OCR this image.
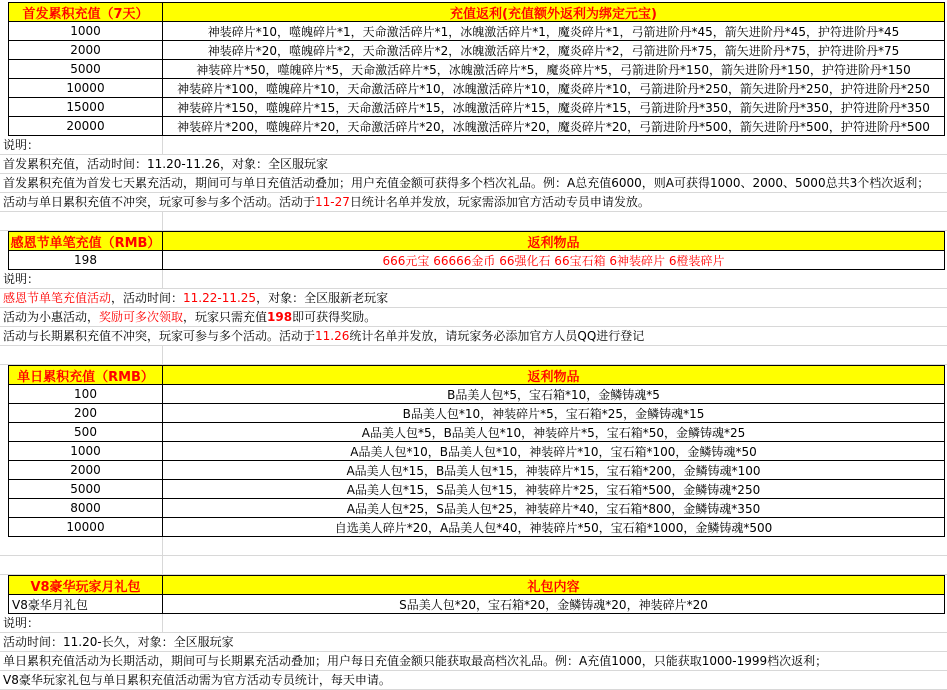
首发累积充值（7天）	充值返利(充值额外返利为绑定元宝)
1000	神装碎片*10，噬魄碎片*1，天命激活碎片*1，冰魄激活碎片*1，魔炎碎片*1，弓箭进阶丹*45，箭矢进阶丹*45，护符进阶丹*45
2000	神装碎片*20，噬魄碎片*2，天命激活碎片*2，冰魄激活碎片*2，魔炎碎片*2，弓箭进阶丹*75，箭矢进阶丹*75，护符进阶丹*75
5000	神装碎片*50，噬魄碎片*5，天命激活碎片*5，冰魄激活碎片*5，魔炎碎片*5，弓箭进阶丹*150，箭矢进阶丹*150，护符进阶丹*150
10000	神装碎片*100，噬魄碎片*10，天命激活碎片*10，冰魄激活碎片*10，魔炎碎片*10，弓箭进阶丹*250，箭矢进阶丹*250，护符进阶丹*250
15000	神装碎片*150，噬魄碎片*15，天命激活碎片*15，冰魄激活碎片*15，魔炎碎片*15，弓箭进阶丹*350，箭矢进阶丹*350，护符进阶丹*350
20000	神装碎片*200，噬魄碎片*20，天命激活碎片*20，冰魄激活碎片*20，魔炎碎片*20，弓箭进阶丹*500，箭矢进阶丹*500，护符进阶丹*500
说明：
首发累积充值，活动时间：11.20-11.26，对象：全区服玩家
首发累积充值为首发七天累充活动，期间可与单日充值活动叠加；用户充值金额可获得多个档次礼品。例：A总充值6000，则A可获得1000、2000、5000总共3个档次返利；
活动与单日累积充值不冲突，玩家可参与多个活动。活动于11-27日统计名单并发放，玩家需添加官方活动专员申请发放。
感恩节单笔充值（RMB）	返利物品
198	666元宝 66666金币 66强化石 66宝石箱 6神装碎片 6橙装碎片
说明：
感恩节单笔充值活动，活动时间：11.22-11.25，对象：全区服新老玩家
活动为小惠活动，奖励可多次领取，玩家只需充值198即可获得奖励。
活动与长期累积充值不冲突，玩家可参与多个活动。活动于11.26统计名单并发放，请玩家务必添加官方人员QQ进行登记
单日累积充值（RMB）	返利物品
100	B品美人包*5，宝石箱*10，金鳞铸魂*5
200	B品美人包*10，神装碎片*5，宝石箱*25，金鳞铸魂*15
500	A品美人包*5，B品美人包*10，神装碎片*5，宝石箱*50，金鳞铸魂*25
1000	A品美人包*10，B品美人包*10，神装碎片*10，宝石箱*100，金鳞铸魂*50
2000	A品美人包*15，B品美人包*15，神装碎片*15，宝石箱*200，金鳞铸魂*100
5000	A品美人包*15，S品美人包*15，神装碎片*25，宝石箱*500，金鳞铸魂*250
8000	A品美人包*25，S品美人包*25，神装碎片*40，宝石箱*800，金鳞铸魂*350
10000	自选美人碎片*20，A品美人包*40，神装碎片*50，宝石箱*1000，金鳞铸魂*500
V8豪华玩家月礼包	礼包内容
V8豪华月礼包	S品美人包*20，宝石箱*20，金鳞铸魂*20，神装碎片*20
说明：
活动时间：11.20-长久，对象：全区服玩家
单日累积充值活动为长期活动，期间可与长期累充活动叠加；用户每日充值金额只能获取最高档次礼品。例：A充值1000，只能获取1000-1999档次返利；
V8豪华玩家礼包与单日累积充值活动需为官方活动专员统计，每天申请。
